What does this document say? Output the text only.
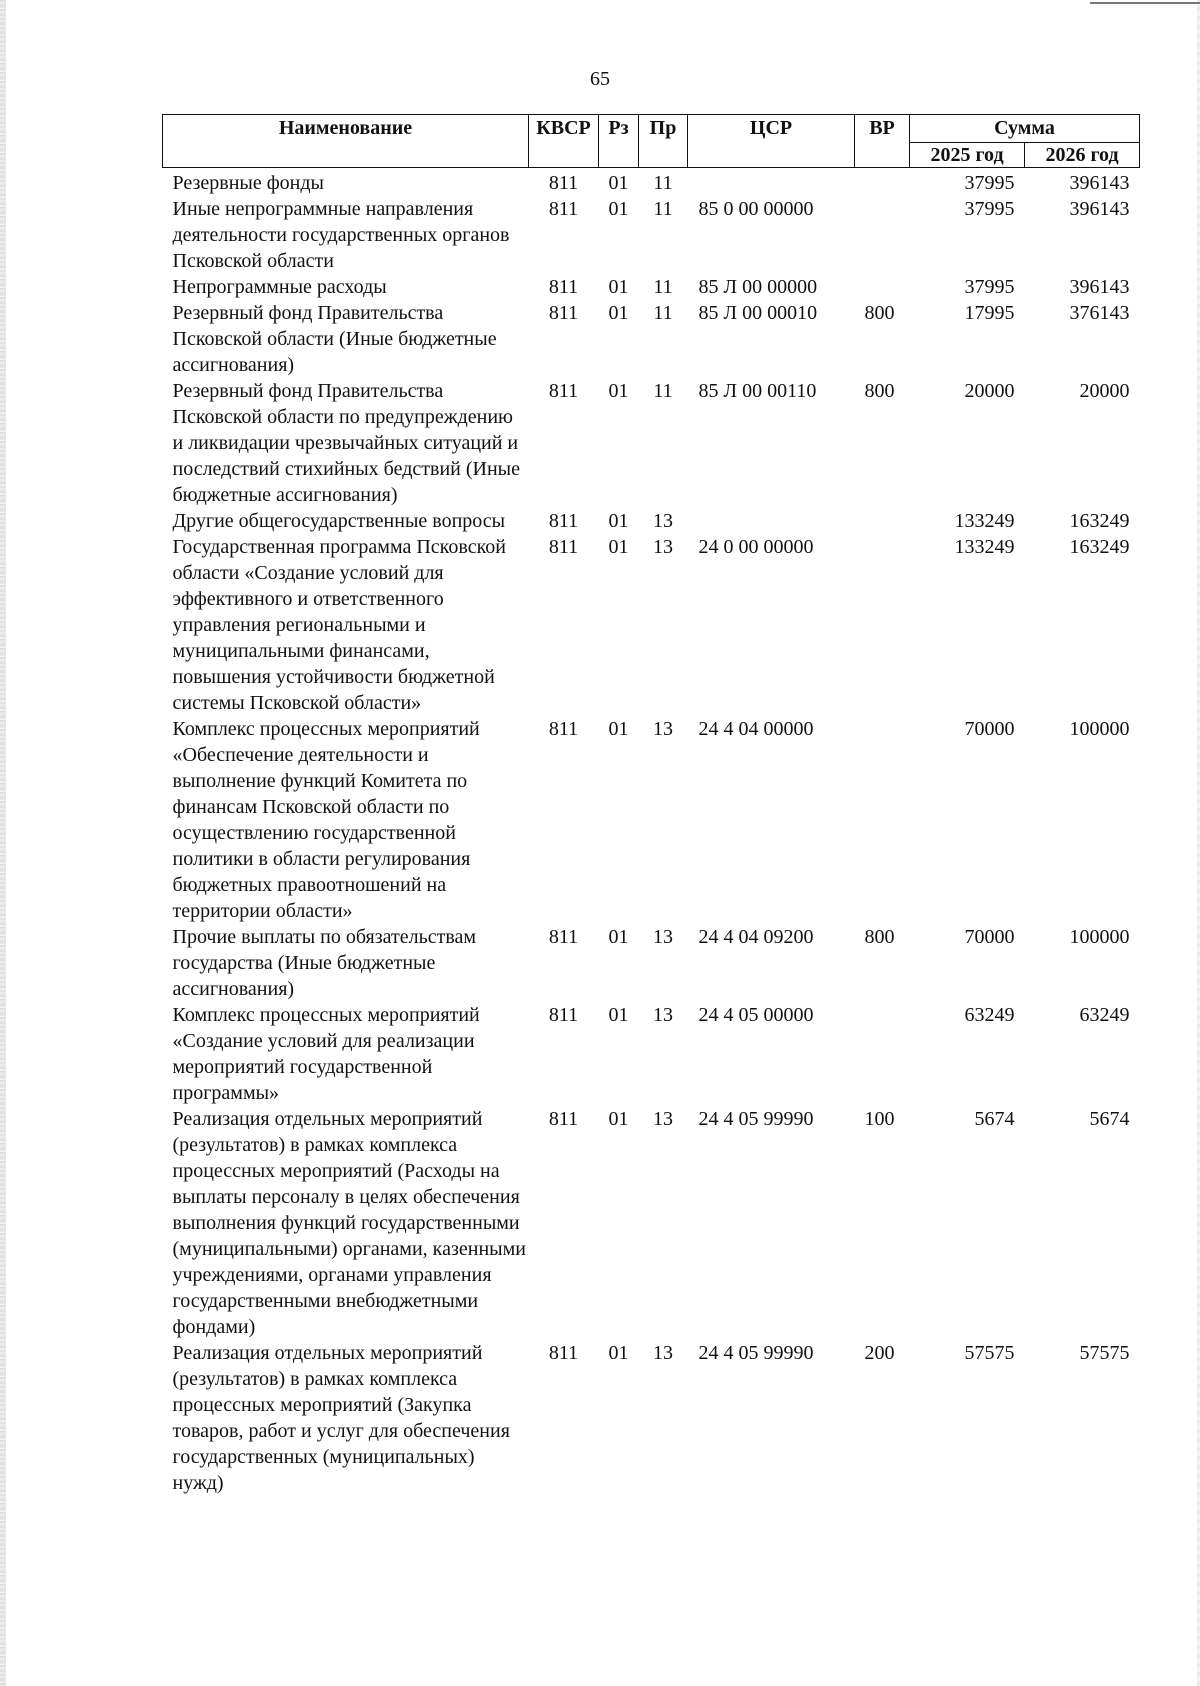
65
Наименование	КВСР	Рз	Пр	ЦСР	ВР	Сумма	
						2025 год	2026 год
Резервные фонды	811	01	11			37995	396143
Иные непрограммные направления деятельности государственных органов Псковской области	811	01	11	85 0 00 00000		37995	396143
Непрограммные расходы	811	01	11	85 Л 00 00000		37995	396143
Резервный фонд Правительства Псковской области (Иные бюджетные ассигнования)	811	01	11	85 Л 00 00010	800	17995	376143
Резервный фонд Правительства Псковской области по предупреждению и ликвидации чрезвычайных ситуаций и последствий стихийных бедствий (Иные бюджетные ассигнования)	811	01	11	85 Л 00 00110	800	20000	20000
Другие общегосударственные вопросы	811	01	13			133249	163249
Государственная программа Псковской области «Создание условий для эффективного и ответственного управления региональными и муниципальными финансами, повышения устойчивости бюджетной системы Псковской области»	811	01	13	24 0 00 00000		133249	163249
Комплекс процессных мероприятий «Обеспечение деятельности и выполнение функций Комитета по финансам Псковской области по осуществлению государственной политики в области регулирования бюджетных правоотношений на территории области»	811	01	13	24 4 04 00000		70000	100000
Прочие выплаты по обязательствам государства (Иные бюджетные ассигнования)	811	01	13	24 4 04 09200	800	70000	100000
Комплекс процессных мероприятий «Создание условий для реализации мероприятий государственной программы»	811	01	13	24 4 05 00000		63249	63249
Реализация отдельных мероприятий (результатов) в рамках комплекса процессных мероприятий (Расходы на выплаты персоналу в целях обеспечения выполнения функций государственными (муниципальными) органами, казенными учреждениями, органами управления государственными внебюджетными фондами)	811	01	13	24 4 05 99990	100	5674	5674
Реализация отдельных мероприятий (результатов) в рамках комплекса процессных мероприятий (Закупка товаров, работ и услуг для обеспечения государственных (муниципальных) нужд)	811	01	13	24 4 05 99990	200	57575	57575
